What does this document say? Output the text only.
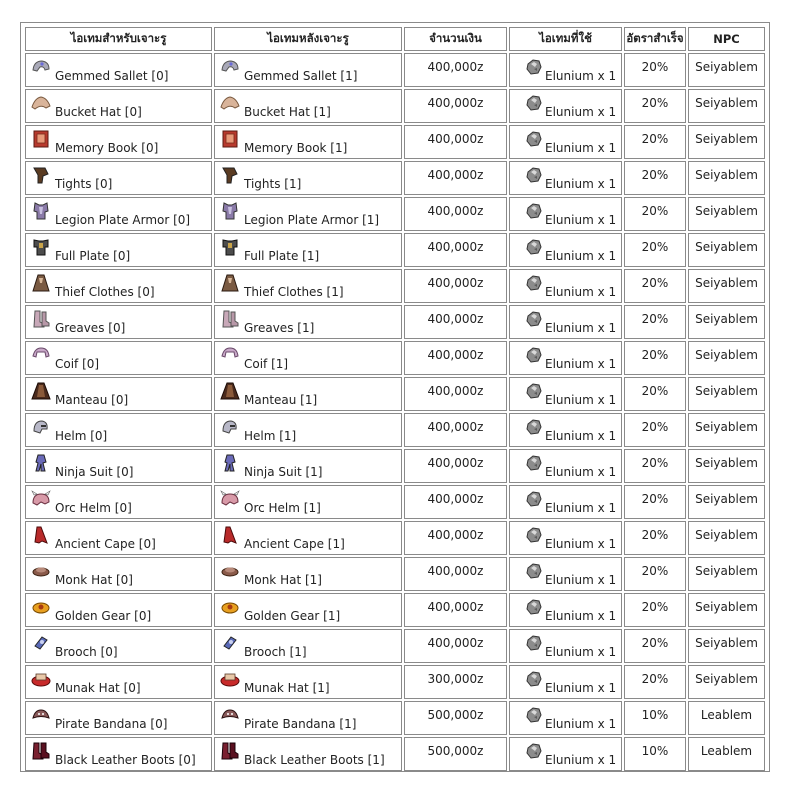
ไอเทมสำหรับเจาะรู	ไอเทมหลังเจาะรู	จำนวนเงิน	ไอเทมที่ใช้	อัตราสำเร็จ	NPC

Gemmed Sallet [0]	Gemmed Sallet [1]	400,000z	Elunium x 1	20%	Seiyablem

Bucket Hat [0]	Bucket Hat [1]	400,000z	Elunium x 1	20%	Seiyablem

Memory Book [0]	Memory Book [1]	400,000z	Elunium x 1	20%	Seiyablem

Tights [0]	Tights [1]	400,000z	Elunium x 1	20%	Seiyablem

Legion Plate Armor [0]	Legion Plate Armor [1]	400,000z	Elunium x 1	20%	Seiyablem

Full Plate [0]	Full Plate [1]	400,000z	Elunium x 1	20%	Seiyablem

Thief Clothes [0]	Thief Clothes [1]	400,000z	Elunium x 1	20%	Seiyablem

Greaves [0]	Greaves [1]	400,000z	Elunium x 1	20%	Seiyablem

Coif [0]	Coif [1]	400,000z	Elunium x 1	20%	Seiyablem

Manteau [0]	Manteau [1]	400,000z	Elunium x 1	20%	Seiyablem

Helm [0]	Helm [1]	400,000z	Elunium x 1	20%	Seiyablem

Ninja Suit [0]	Ninja Suit [1]	400,000z	Elunium x 1	20%	Seiyablem

Orc Helm [0]	Orc Helm [1]	400,000z	Elunium x 1	20%	Seiyablem

Ancient Cape [0]	Ancient Cape [1]	400,000z	Elunium x 1	20%	Seiyablem

Monk Hat [0]	Monk Hat [1]	400,000z	Elunium x 1	20%	Seiyablem

Golden Gear [0]	Golden Gear [1]	400,000z	Elunium x 1	20%	Seiyablem

Brooch [0]	Brooch [1]	400,000z	Elunium x 1	20%	Seiyablem

Munak Hat [0]	Munak Hat [1]	300,000z	Elunium x 1	20%	Seiyablem

Pirate Bandana [0]	Pirate Bandana [1]	500,000z	Elunium x 1	10%	Leablem

Black Leather Boots [0]	Black Leather Boots [1]	500,000z	Elunium x 1	10%	Leablem
